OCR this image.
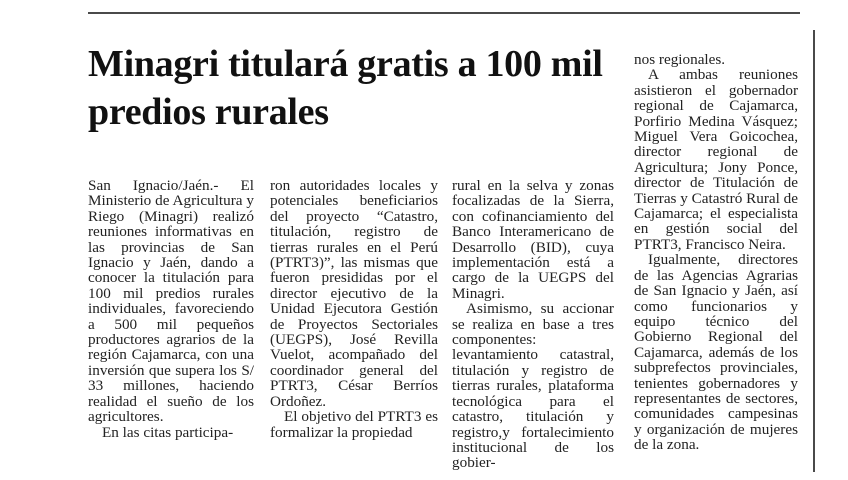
Minagri titulará gratis a 100 mil predios rurales

San Ignacio/Jaén.- El Ministerio de Agricultura y Riego (Minagri) realizó reuniones informativas en las provincias de San Ignacio y Jaén, dando a conocer la titulación para 100 mil predios rurales individuales, favoreciendo a 500 mil pequeños productores agrarios de la región Cajamarca, con una inversión que supera los S/ 33 millones, haciendo realidad el sueño de los agricultores.

En las citas participa-

ron autoridades locales y potenciales beneficiarios del proyecto “Catastro, titulación, registro de tierras rurales en el Perú (PTRT3)”, las mismas que fueron presididas por el director ejecutivo de la Unidad Ejecutora Gestión de Proyectos Sectoriales (UEGPS), José Revilla Vuelot, acompañado del coordinador general del PTRT3, César Berríos Ordoñez.

El objetivo del PTRT3 es formalizar la propiedad

rural en la selva y zonas focalizadas de la Sierra, con cofinanciamiento del Banco Interamericano de Desarrollo (BID), cuya implementación está a cargo de la UEGPS del Minagri.

Asimismo, su accionar se realiza en base a tres componentes: levantamiento catastral, titulación y registro de tierras rurales, plataforma tecnológica para el catastro, titulación y registro,y fortalecimiento institucional de los gobier-

nos regionales.

A ambas reuniones asistieron el gobernador regional de Cajamarca, Porfirio Medina Vásquez; Miguel Vera Goicochea, director regional de Agricultura; Jony Ponce, director de Titulación de Tierras y Catastró Rural de Cajamarca; el especialista en gestión social del PTRT3, Francisco Neira.

Igualmente, directores de las Agencias Agrarias de San Ignacio y Jaén, así como funcionarios y equipo técnico del Gobierno Regional del Cajamarca, además de los subprefectos provinciales, tenientes gobernadores y representantes de sectores, comunidades campesinas y organización de mujeres de la zona.
